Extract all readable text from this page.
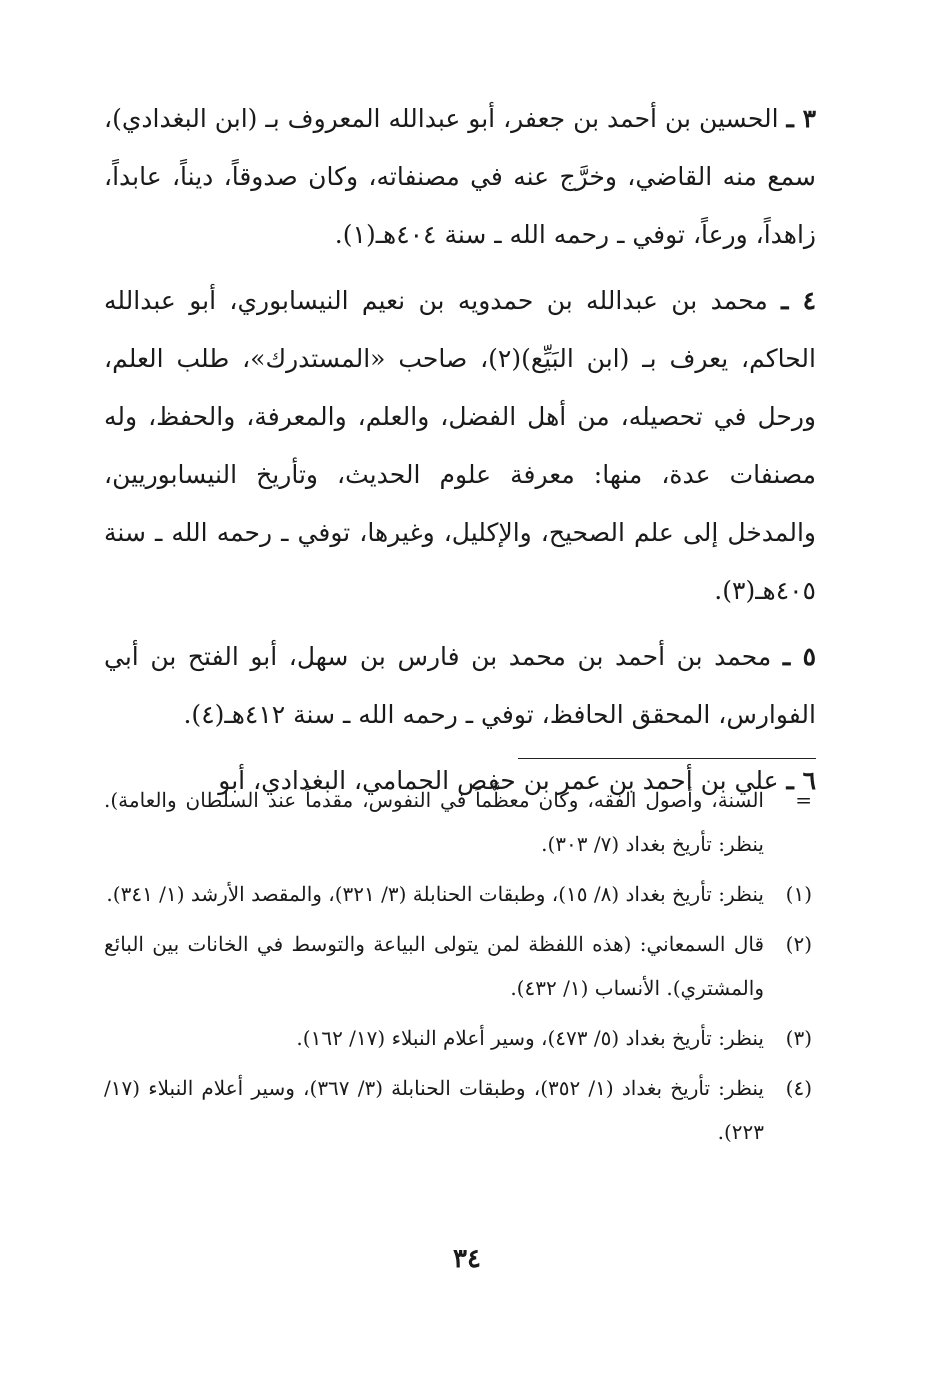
٣ ـ الحسين بن أحمد بن جعفر، أبو عبدالله المعروف بـ (ابن البغدادي)، سمع منه القاضي، وخرَّج عنه في مصنفاته، وكان صدوقاً، ديناً، عابداً، زاهداً، ورعاً، توفي ـ رحمه الله ـ سنة ٤٠٤هـ(١).

٤ ـ محمد بن عبدالله بن حمدويه بن نعيم النيسابوري، أبو عبدالله الحاكم، يعرف بـ (ابن البَيِّع)(٢)، صاحب «المستدرك»، طلب العلم، ورحل في تحصيله، من أهل الفضل، والعلم، والمعرفة، والحفظ، وله مصنفات عدة، منها: معرفة علوم الحديث، وتأريخ النيسابوريين، والمدخل إلى علم الصحيح، والإكليل، وغيرها، توفي ـ رحمه الله ـ سنة ٤٠٥هـ(٣).

٥ ـ محمد بن أحمد بن محمد بن فارس بن سهل، أبو الفتح بن أبي الفوارس، المحقق الحافظ، توفي ـ رحمه الله ـ سنة ٤١٢هـ(٤).

٦ ـ علي بن أحمد بن عمر بن حفص الحمامي، البغدادي، أبو

=
السنة، وأصول الفقه، وكان معظَّماً في النفوس، مقدماً عند السلطان والعامة). ينظر: تأريخ بغداد (٧/ ٣٠٣).
(١)
ينظر: تأريخ بغداد (٨/ ١٥)، وطبقات الحنابلة (٣/ ٣٢١)، والمقصد الأرشد (١/ ٣٤١).
(٢)
قال السمعاني: (هذه اللفظة لمن يتولى البياعة والتوسط في الخانات بين البائع والمشتري). الأنساب (١/ ٤٣٢).
(٣)
ينظر: تأريخ بغداد (٥/ ٤٧٣)، وسير أعلام النبلاء (١٧/ ١٦٢).
(٤)
ينظر: تأريخ بغداد (١/ ٣٥٢)، وطبقات الحنابلة (٣/ ٣٦٧)، وسير أعلام النبلاء (١٧/ ٢٢٣).
٣٤
